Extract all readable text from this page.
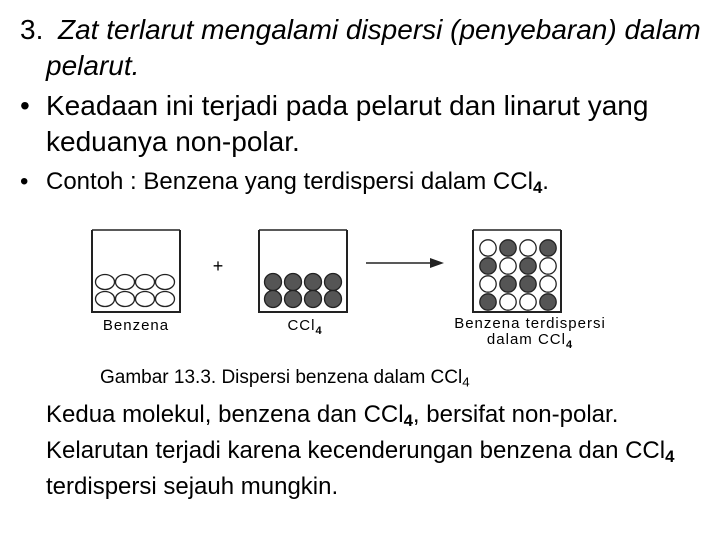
3. Zat terlarut mengalami dispersi (penyebaran) dalam pelarut.
• Keadaan ini terjadi pada pelarut dan linarut yang keduanya non-polar.
• Contoh : Benzena yang terdispersi dalam CCl$_4$.
+
Benzena	CCl$_4$	Benzena terdispersi
dalam CCl$_4$
Gambar 13.3. Dispersi benzena dalam CCl$_4$
Kedua molekul, benzena dan CCl$_4$, bersifat non-polar. Kelarutan terjadi karena kecenderungan benzena dan CCl$_4$ terdispersi sejauh mungkin.
